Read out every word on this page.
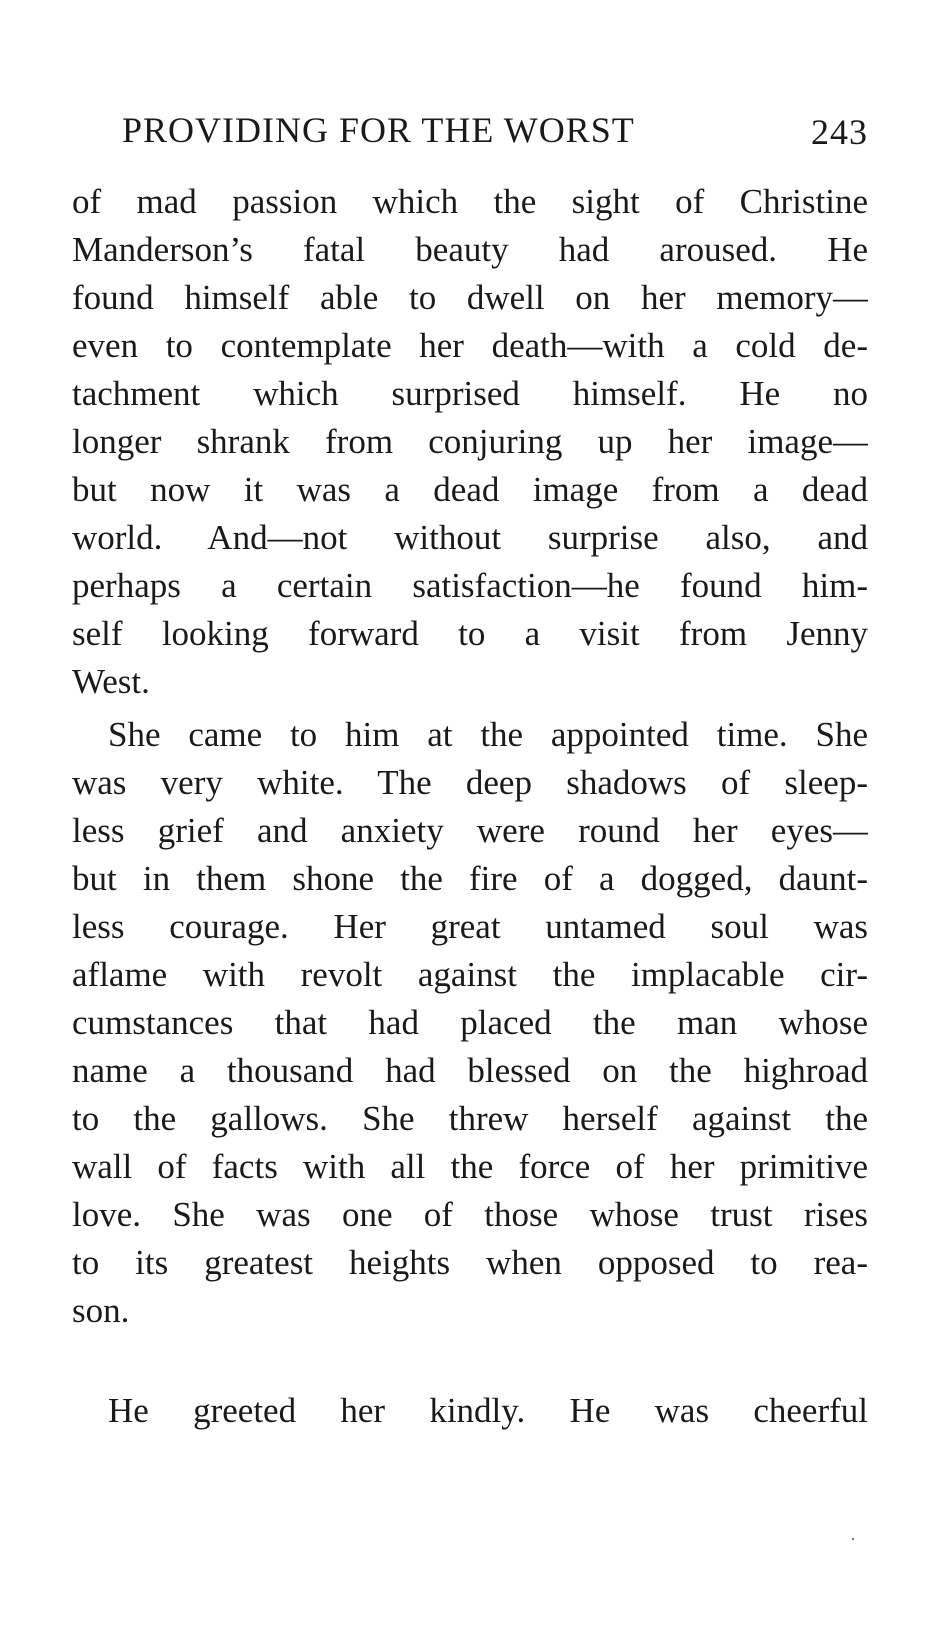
PROVIDING FOR THE WORST	243
of mad passion which the sight of Christine
Manderson’s fatal beauty had aroused. He
found himself able to dwell on her memory—
even to contemplate her death—with a cold de-
tachment which surprised himself. He no
longer shrank from conjuring up her image—
but now it was a dead image from a dead
world. And—not without surprise also, and
perhaps a certain satisfaction—he found him-
self looking forward to a visit from Jenny
West.
She came to him at the appointed time. She
was very white. The deep shadows of sleep-
less grief and anxiety were round her eyes—
but in them shone the fire of a dogged, daunt-
less courage. Her great untamed soul was
aflame with revolt against the implacable cir-
cumstances that had placed the man whose
name a thousand had blessed on the highroad
to the gallows. She threw herself against the
wall of facts with all the force of her primitive
love. She was one of those whose trust rises
to its greatest heights when opposed to rea-
son.
He greeted her kindly. He was cheerful
